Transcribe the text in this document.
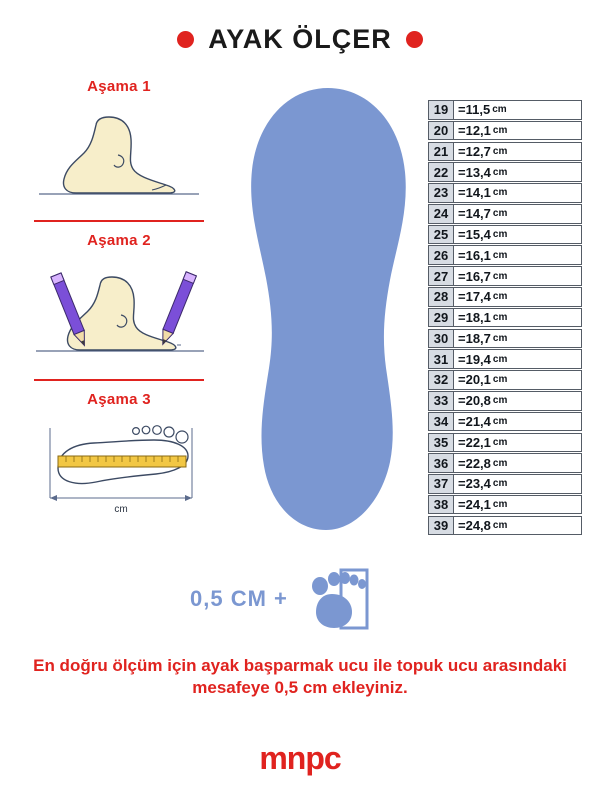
AYAK ÖLÇER
Aşama 1
Aşama 2
Aşama 3
cm
19 =11,5 cm
20 =12,1 cm
21 =12,7 cm
22 =13,4 cm
23 =14,1 cm
24 =14,7 cm
25 =15,4 cm
26 =16,1 cm
27 =16,7 cm
28 =17,4 cm
29 =18,1 cm
30 =18,7 cm
31 =19,4 cm
32 =20,1 cm
33 =20,8 cm
34 =21,4 cm
35 =22,1 cm
36 =22,8 cm
37 =23,4 cm
38 =24,1 cm
39 =24,8 cm
0,5 CM +
En doğru ölçüm için ayak başparmak ucu ile topuk ucu arasındaki mesafeye 0,5 cm ekleyiniz.
mnpc
